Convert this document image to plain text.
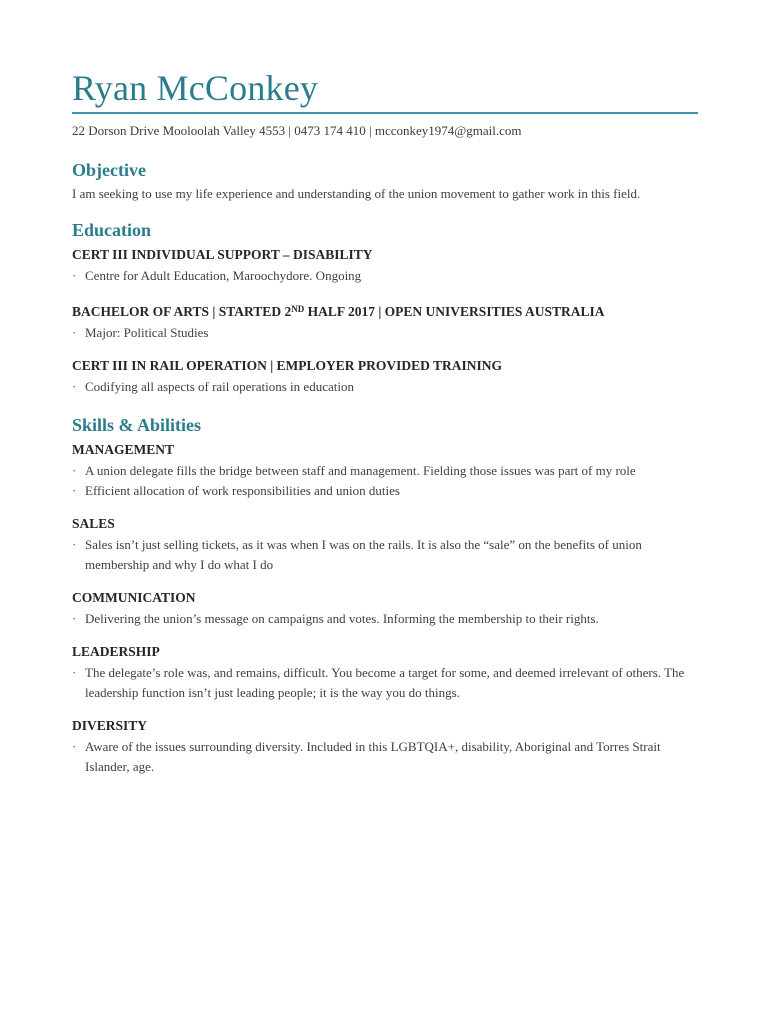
Ryan McConkey
22 Dorson Drive Mooloolah Valley 4553 | 0473 174 410 | mcconkey1974@gmail.com
Objective

I am seeking to use my life experience and understanding of the union movement to gather work in this field.

Education
CERT III INDIVIDUAL SUPPORT – DISABILITY
· Centre for Adult Education, Maroochydore. Ongoing
BACHELOR OF ARTS | STARTED 2ND HALF 2017 | OPEN UNIVERSITIES AUSTRALIA
· Major: Political Studies
CERT III IN RAIL OPERATION | EMPLOYER PROVIDED TRAINING
· Codifying all aspects of rail operations in education
Skills & Abilities
MANAGEMENT
· A union delegate fills the bridge between staff and management. Fielding those issues was part of my role
· Efficient allocation of work responsibilities and union duties
SALES
· Sales isn’t just selling tickets, as it was when I was on the rails. It is also the “sale” on the benefits of union membership and why I do what I do
COMMUNICATION
· Delivering the union’s message on campaigns and votes. Informing the membership to their rights.
LEADERSHIP
· The delegate’s role was, and remains, difficult. You become a target for some, and deemed irrelevant of others. The leadership function isn’t just leading people; it is the way you do things.
DIVERSITY
· Aware of the issues surrounding diversity. Included in this LGBTQIA+, disability, Aboriginal and Torres Strait Islander, age.
